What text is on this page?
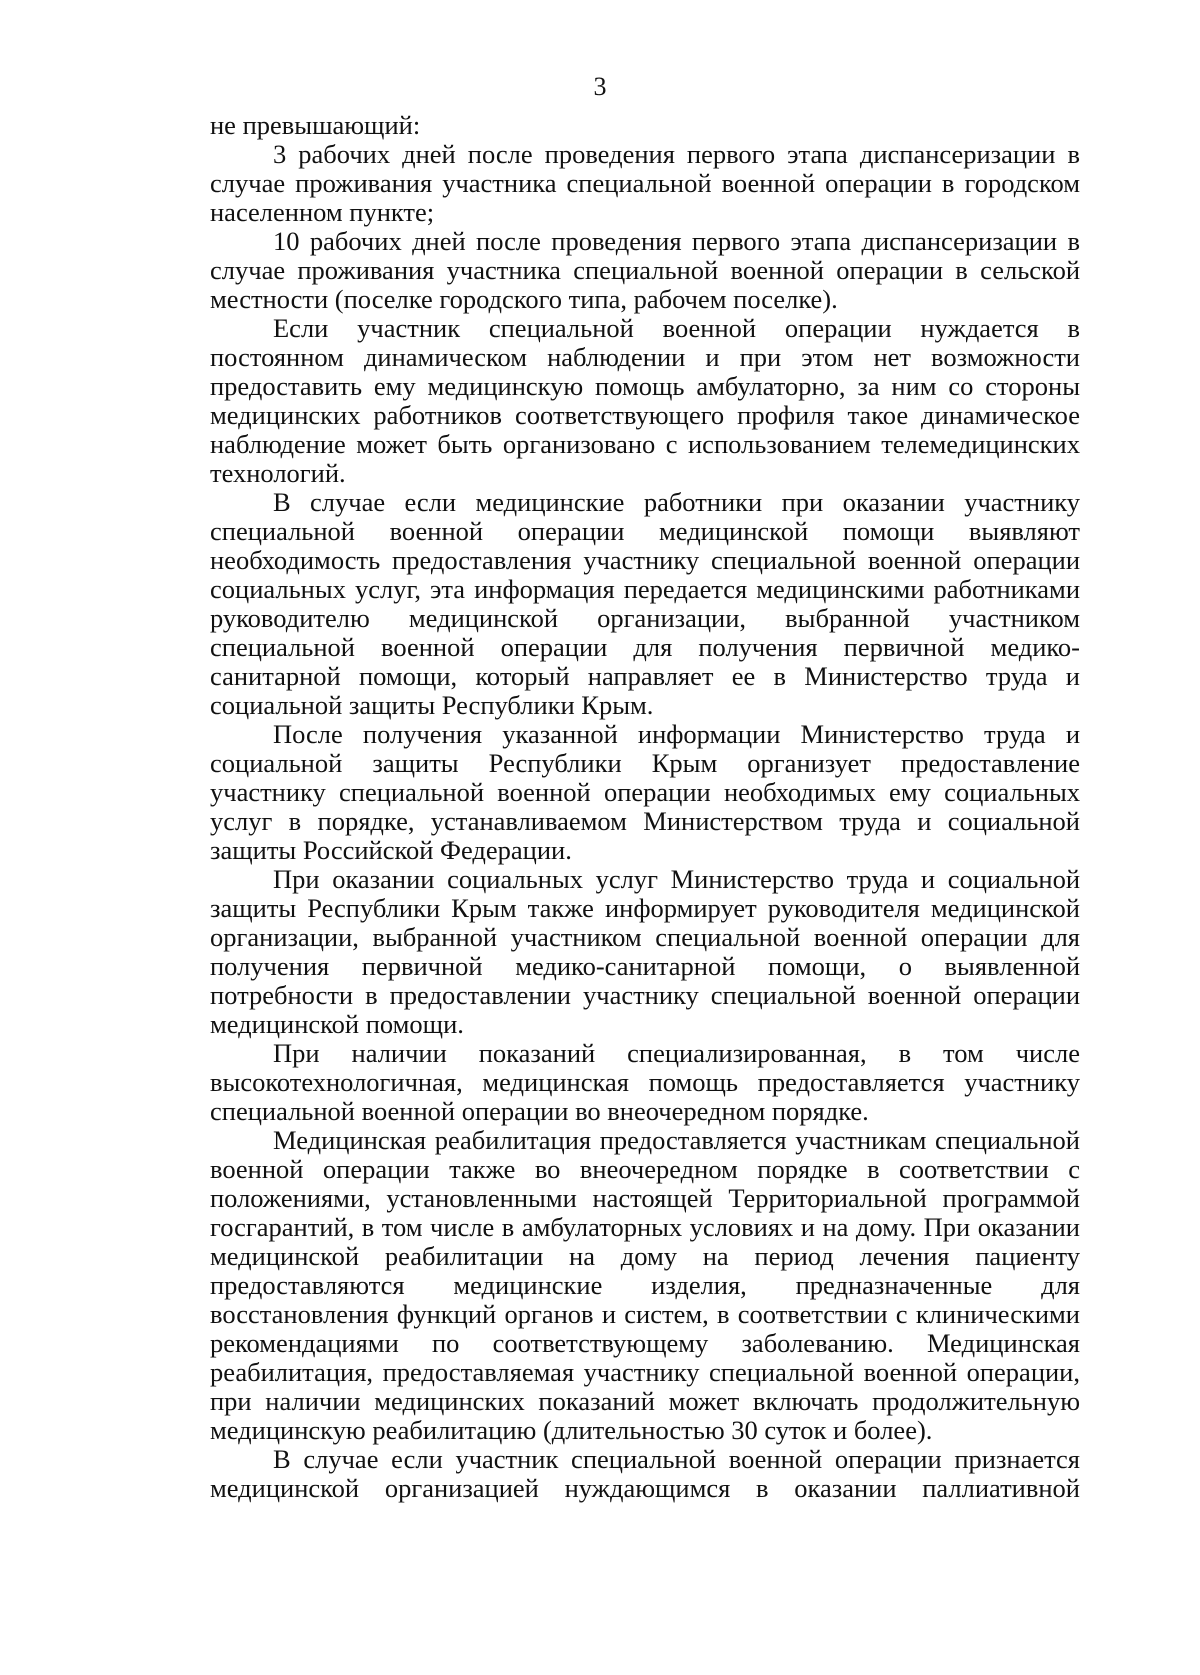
3

не превышающий:

3 рабочих дней после проведения первого этапа диспансеризации в случае проживания участника специальной военной операции в городском населенном пункте;

10 рабочих дней после проведения первого этапа диспансеризации в случае проживания участника специальной военной операции в сельской местности (поселке городского типа, рабочем поселке).

Если участник специальной военной операции нуждается в постоянном динамическом наблюдении и при этом нет возможности предоставить ему медицинскую помощь амбулаторно, за ним со стороны медицинских работников соответствующего профиля такое динамическое наблюдение может быть организовано с использованием телемедицинских технологий.

В случае если медицинские работники при оказании участнику специальной военной операции медицинской помощи выявляют необходимость предоставления участнику специальной военной операции социальных услуг, эта информация передается медицинскими работниками руководителю медицинской организации, выбранной участником специальной военной операции для получения первичной медико-санитарной помощи, который направляет ее в Министерство труда и социальной защиты Республики Крым.

После получения указанной информации Министерство труда и социальной защиты Республики Крым организует предоставление участнику специальной военной операции необходимых ему социальных услуг в порядке, устанавливаемом Министерством труда и социальной защиты Российской Федерации.

При оказании социальных услуг Министерство труда и социальной защиты Республики Крым также информирует руководителя медицинской организации, выбранной участником специальной военной операции для получения первичной медико-санитарной помощи, о выявленной потребности в предоставлении участнику специальной военной операции медицинской помощи.

При наличии показаний специализированная, в том числе высокотехнологичная, медицинская помощь предоставляется участнику специальной военной операции во внеочередном порядке.

Медицинская реабилитация предоставляется участникам специальной военной операции также во внеочередном порядке в соответствии с положениями, установленными настоящей Территориальной программой госгарантий, в том числе в амбулаторных условиях и на дому. При оказании медицинской реабилитации на дому на период лечения пациенту предоставляются медицинские изделия, предназначенные для восстановления функций органов и систем, в соответствии с клиническими рекомендациями по соответствующему заболеванию. Медицинская реабилитация, предоставляемая участнику специальной военной операции, при наличии медицинских показаний может включать продолжительную медицинскую реабилитацию (длительностью 30 суток и более).

В случае если участник специальной военной операции признается медицинской организацией нуждающимся в оказании паллиативной
